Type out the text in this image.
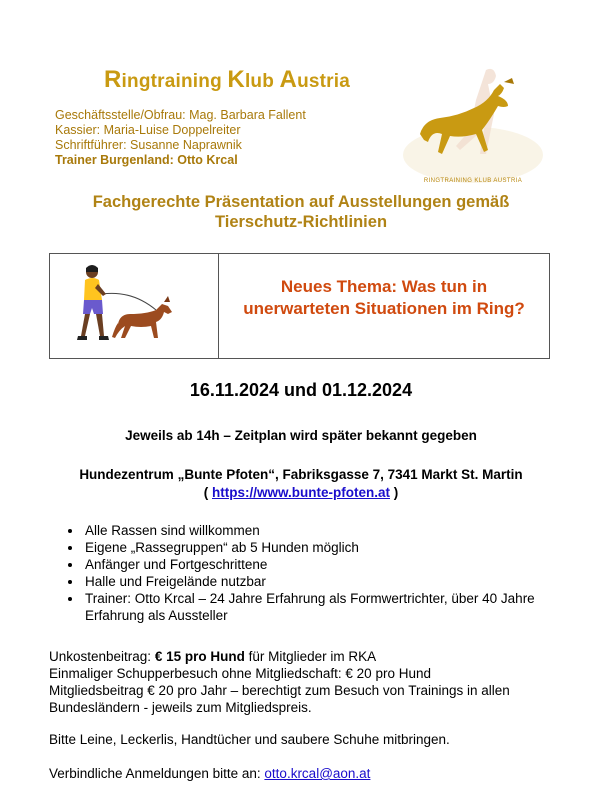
Ringtraining Klub Austria
Geschäftsstelle/Obfrau: Mag. Barbara Fallent
Kassier: Maria-Luise Doppelreiter
Schriftführer: Susanne Naprawnik
Trainer Burgenland: Otto Krcal
RINGTRAINING KLUB AUSTRIA
Fachgerechte Präsentation auf Ausstellungen gemäß
Tierschutz-Richtlinien
Neues Thema: Was tun in
unerwarteten Situationen im Ring?
16.11.2024 und 01.12.2024
Jeweils ab 14h – Zeitplan wird später bekannt gegeben
Hundezentrum „Bunte Pfoten“, Fabriksgasse 7, 7341 Markt St. Martin
( https://www.bunte-pfoten.at )
• Alle Rassen sind willkommen
• Eigene „Rassegruppen“ ab 5 Hunden möglich
• Anfänger und Fortgeschrittene
• Halle und Freigelände nutzbar
• Trainer: Otto Krcal – 24 Jahre Erfahrung als Formwertrichter, über 40 Jahre Erfahrung als Aussteller
Unkostenbeitrag: € 15 pro Hund für Mitglieder im RKA
Einmaliger Schupperbesuch ohne Mitgliedschaft: € 20 pro Hund
Mitgliedsbeitrag € 20 pro Jahr – berechtigt zum Besuch von Trainings in allen Bundesländern - jeweils zum Mitgliedspreis.
Bitte Leine, Leckerlis, Handtücher und saubere Schuhe mitbringen.
Verbindliche Anmeldungen bitte an: otto.krcal@aon.at
